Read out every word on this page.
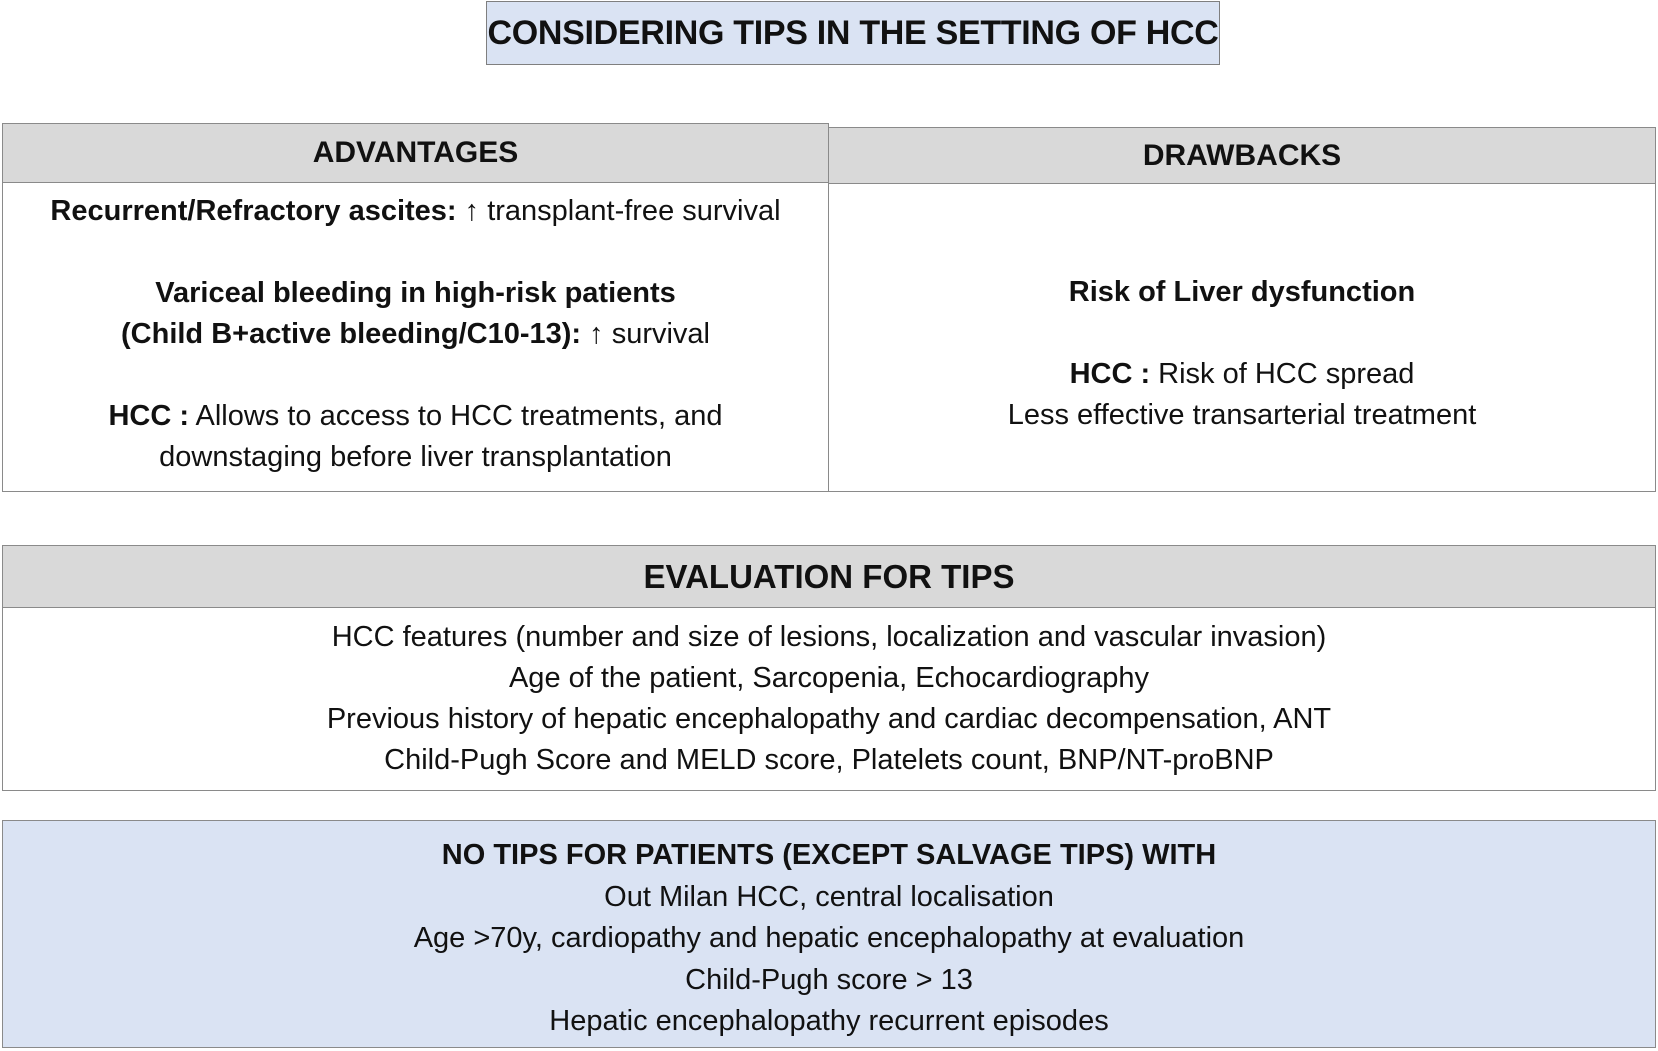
CONSIDERING TIPS IN THE SETTING OF HCC
ADVANTAGES
Recurrent/Refractory ascites: ↑ transplant-free survival
Variceal bleeding in high-risk patients
(Child B+active bleeding/C10-13): ↑ survival
HCC : Allows to access to HCC treatments, and
downstaging before liver transplantation
DRAWBACKS
Risk of Liver dysfunction
HCC : Risk of HCC spread
Less effective transarterial treatment
EVALUATION FOR TIPS
HCC features (number and size of lesions, localization and vascular invasion)
Age of the patient, Sarcopenia, Echocardiography
Previous history of hepatic encephalopathy and cardiac decompensation, ANT
Child-Pugh Score and MELD score, Platelets count, BNP/NT-proBNP
NO TIPS FOR PATIENTS (EXCEPT SALVAGE TIPS) WITH
Out Milan HCC, central localisation
Age >70y, cardiopathy and hepatic encephalopathy at evaluation
Child-Pugh score > 13
Hepatic encephalopathy recurrent episodes
